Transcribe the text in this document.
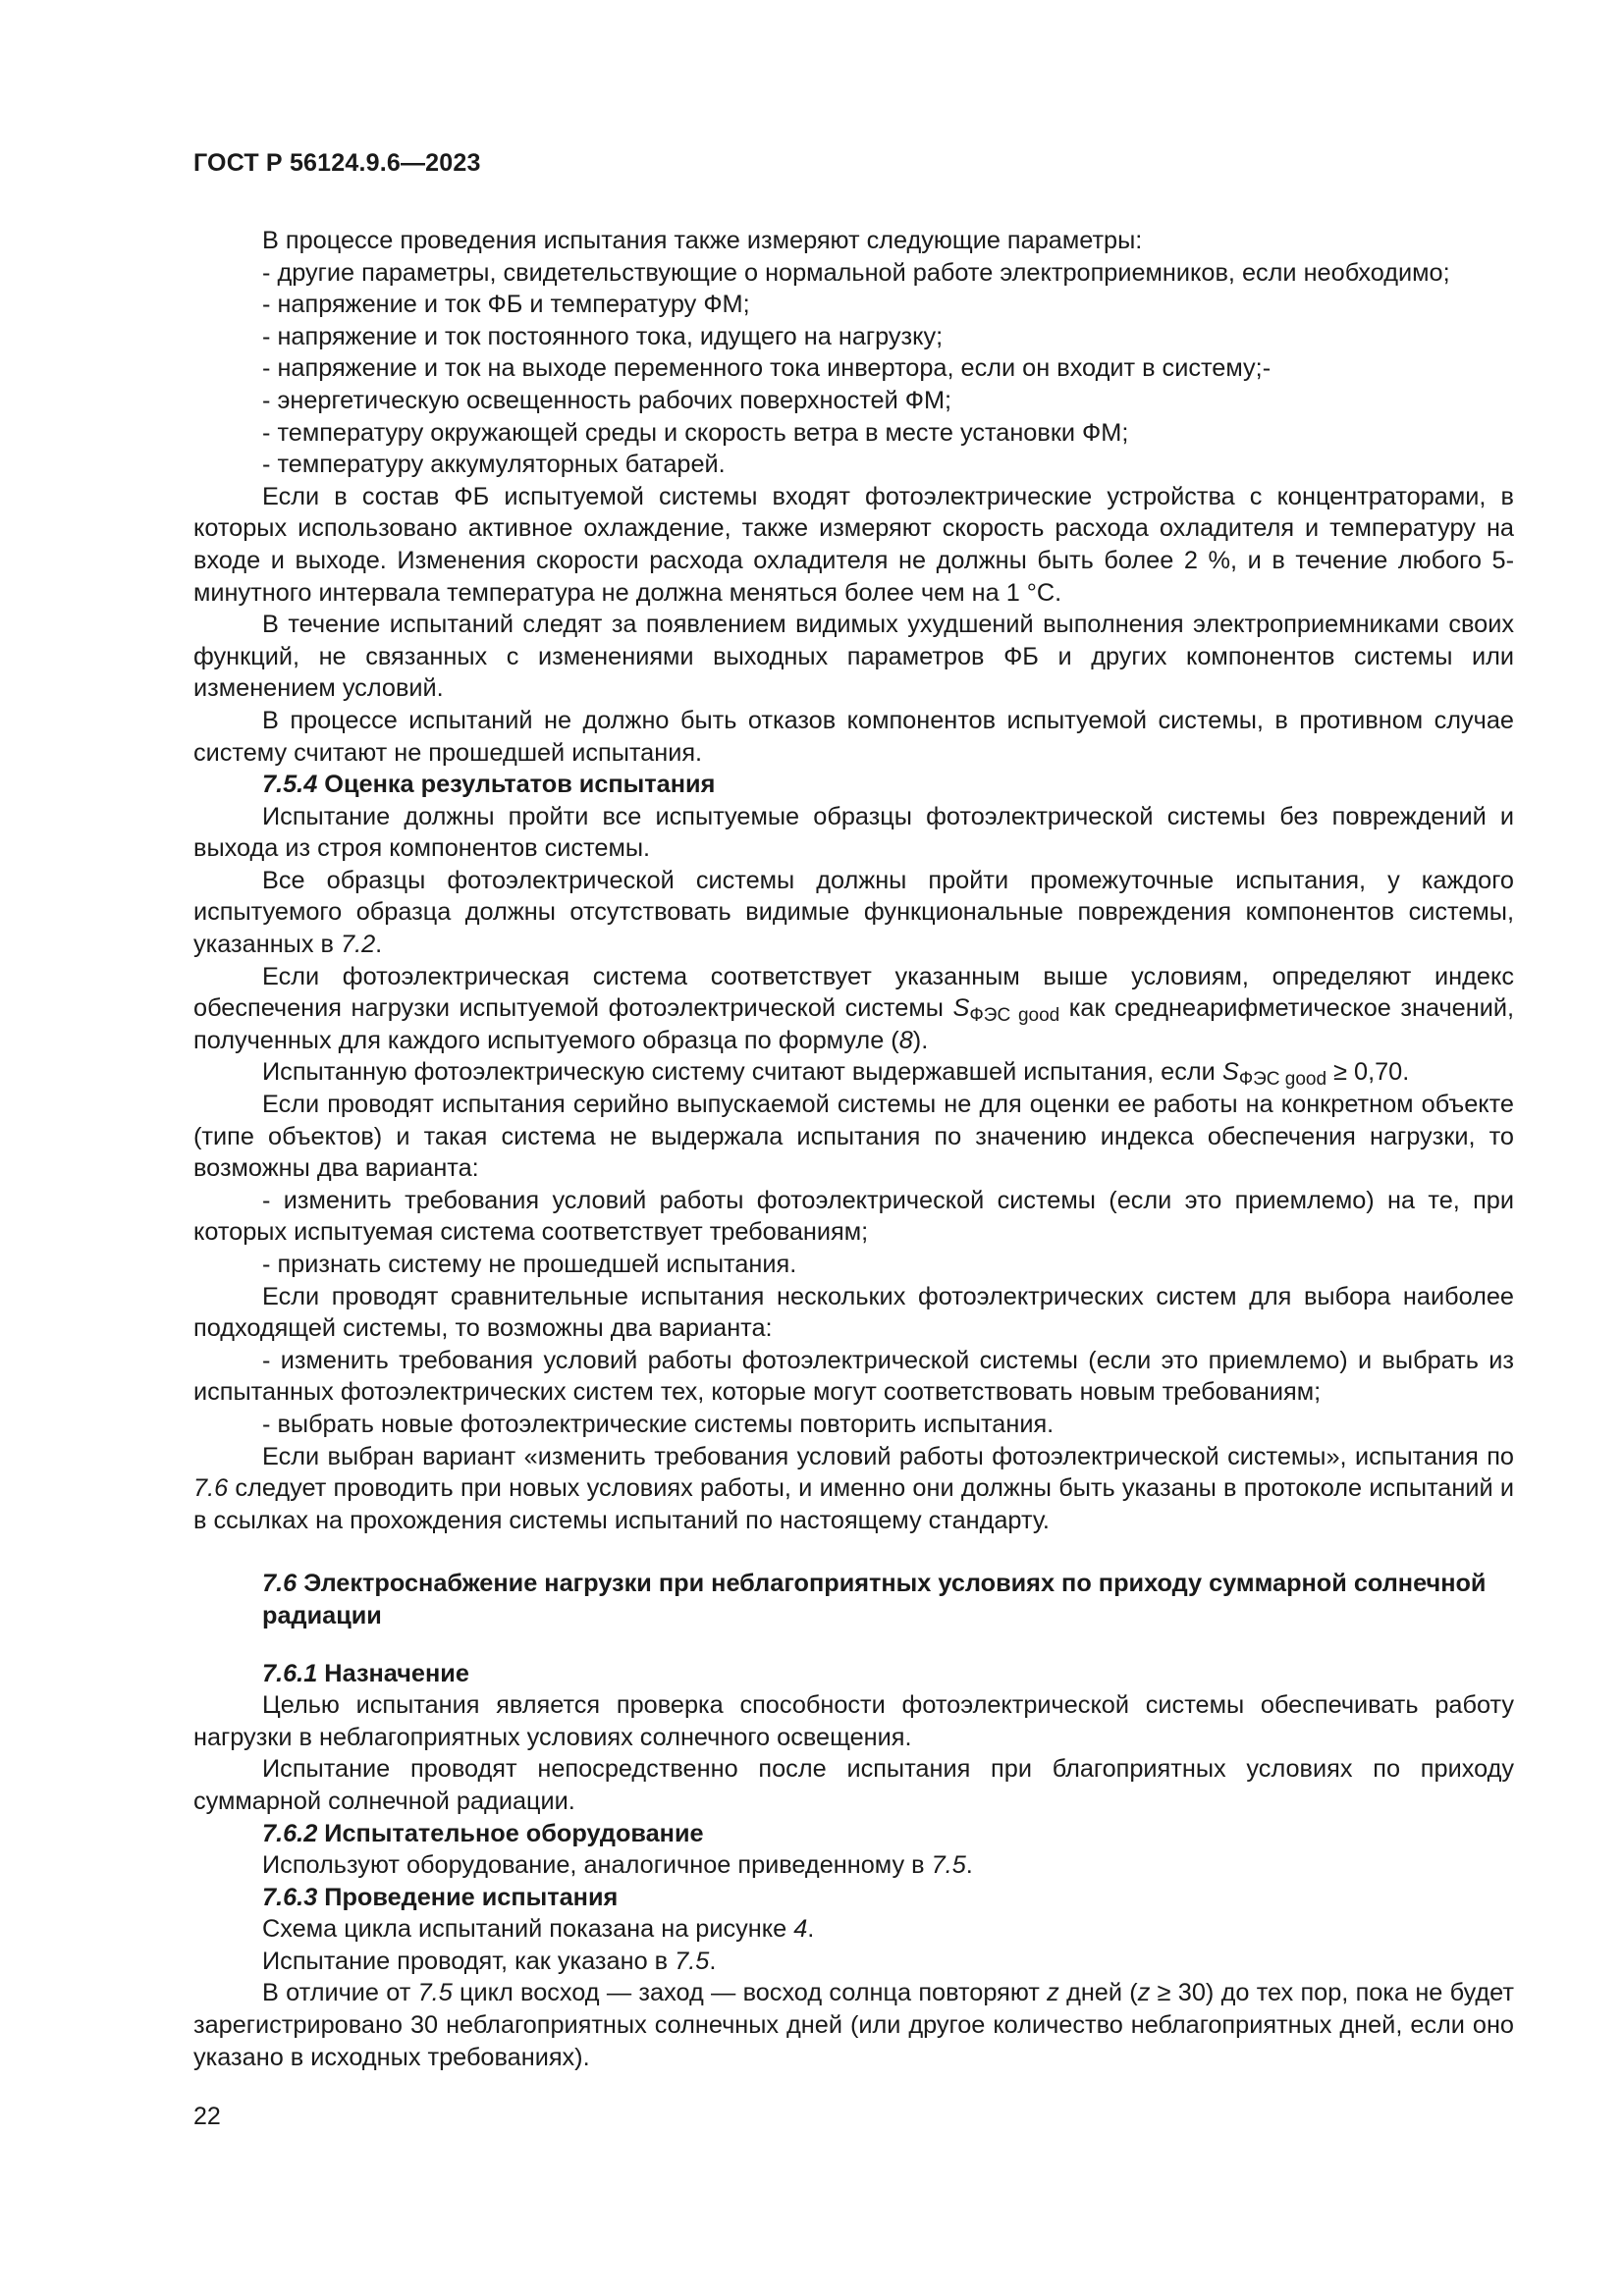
ГОСТ Р 56124.9.6—2023

В процессе проведения испытания также измеряют следующие параметры:

- другие параметры, свидетельствующие о нормальной работе электроприемников, если необходимо;

- напряжение и ток ФБ и температуру ФМ;

- напряжение и ток постоянного тока, идущего на нагрузку;

- напряжение и ток на выходе переменного тока инвертора, если он входит в систему;-

- энергетическую освещенность рабочих поверхностей ФМ;

- температуру окружающей среды и скорость ветра в месте установки ФМ;

- температуру аккумуляторных батарей.

Если в состав ФБ испытуемой системы входят фотоэлектрические устройства с концентраторами, в которых использовано активное охлаждение, также измеряют скорость расхода охладителя и температуру на входе и выходе. Изменения скорости расхода охладителя не должны быть более 2 %, и в течение любого 5-минутного интервала температура не должна меняться более чем на 1 °C.

В течение испытаний следят за появлением видимых ухудшений выполнения электроприемниками своих функций, не связанных с изменениями выходных параметров ФБ и других компонентов системы или изменением условий.

В процессе испытаний не должно быть отказов компонентов испытуемой системы, в противном случае систему считают не прошедшей испытания.

7.5.4 Оценка результатов испытания

Испытание должны пройти все испытуемые образцы фотоэлектрической системы без повреждений и выхода из строя компонентов системы.

Все образцы фотоэлектрической системы должны пройти промежуточные испытания, у каждого испытуемого образца должны отсутствовать видимые функциональные повреждения компонентов системы, указанных в 7.2.

Если фотоэлектрическая система соответствует указанным выше условиям, определяют индекс обеспечения нагрузки испытуемой фотоэлектрической системы $S_{ФЭС good}$ как среднеарифметическое значений, полученных для каждого испытуемого образца по формуле (8).

Испытанную фотоэлектрическую систему считают выдержавшей испытания, если $S_{ФЭС good} \ge 0,70$.

Если проводят испытания серийно выпускаемой системы не для оценки ее работы на конкретном объекте (типе объектов) и такая система не выдержала испытания по значению индекса обеспечения нагрузки, то возможны два варианта:

- изменить требования условий работы фотоэлектрической системы (если это приемлемо) на те, при которых испытуемая система соответствует требованиям;

- признать систему не прошедшей испытания.

Если проводят сравнительные испытания нескольких фотоэлектрических систем для выбора наиболее подходящей системы, то возможны два варианта:

- изменить требования условий работы фотоэлектрической системы (если это приемлемо) и выбрать из испытанных фотоэлектрических систем тех, которые могут соответствовать новым требованиям;

- выбрать новые фотоэлектрические системы повторить испытания.

Если выбран вариант «изменить требования условий работы фотоэлектрической системы», испытания по 7.6 следует проводить при новых условиях работы, и именно они должны быть указаны в протоколе испытаний и в ссылках на прохождения системы испытаний по настоящему стандарту.

7.6 Электроснабжение нагрузки при неблагоприятных условиях по приходу суммарной солнечной радиации

7.6.1 Назначение

Целью испытания является проверка способности фотоэлектрической системы обеспечивать работу нагрузки в неблагоприятных условиях солнечного освещения.

Испытание проводят непосредственно после испытания при благоприятных условиях по приходу суммарной солнечной радиации.

7.6.2 Испытательное оборудование

Используют оборудование, аналогичное приведенному в 7.5.

7.6.3 Проведение испытания

Схема цикла испытаний показана на рисунке 4.

Испытание проводят, как указано в 7.5.

В отличие от 7.5 цикл восход — заход — восход солнца повторяют z дней (z ≥ 30) до тех пор, пока не будет зарегистрировано 30 неблагоприятных солнечных дней (или другое количество неблагоприятных дней, если оно указано в исходных требованиях).

22
